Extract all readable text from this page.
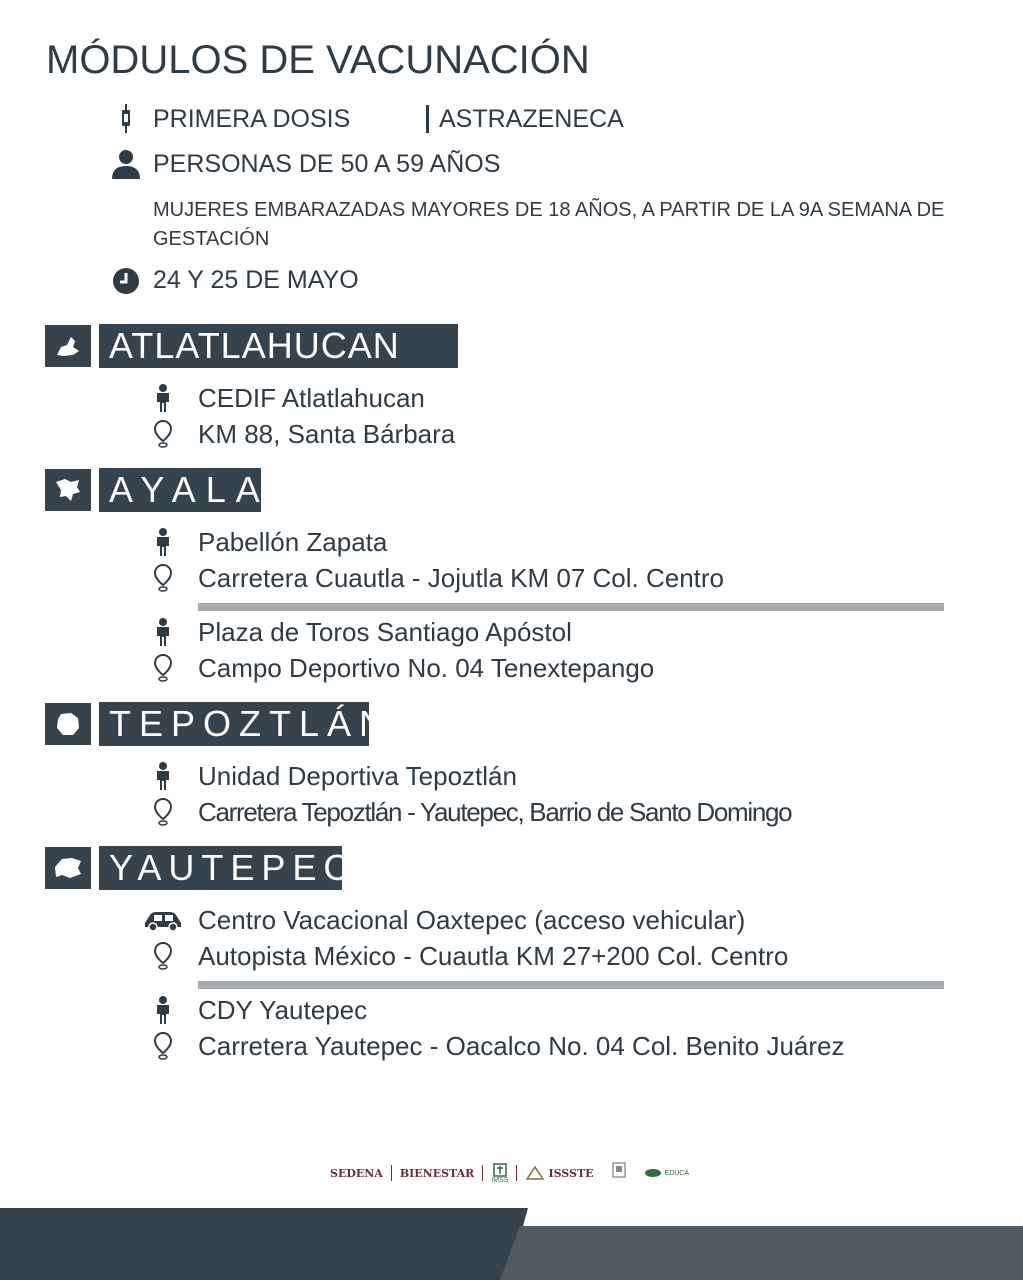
MÓDULOS DE VACUNACIÓN
PRIMERA DOSIS	ASTRAZENECA
PERSONAS DE 50 A 59 AÑOS
MUJERES EMBARAZADAS MAYORES DE 18 AÑOS, A PARTIR DE LA 9A SEMANA DE GESTACIÓN
24 Y 25 DE MAYO
ATLATLAHUCAN
CEDIF Atlatlahucan
KM 88, Santa Bárbara
AYALA
Pabellón Zapata
Carretera Cuautla - Jojutla KM 07 Col. Centro
Plaza de Toros Santiago Apóstol
Campo Deportivo No. 04 Tenextepango
TEPOZTLÁN
Unidad Deportiva Tepoztlán
Carretera Tepoztlán - Yautepec, Barrio de Santo Domingo
YAUTEPEC
Centro Vacacional Oaxtepec (acceso vehicular)
Autopista México - Cuautla KM 27+200 Col. Centro
CDY Yautepec
Carretera Yautepec - Oacalco No. 04 Col. Benito Juárez
SEDENA BIENESTAR
IMSS
ISSSTE	EDUCA
